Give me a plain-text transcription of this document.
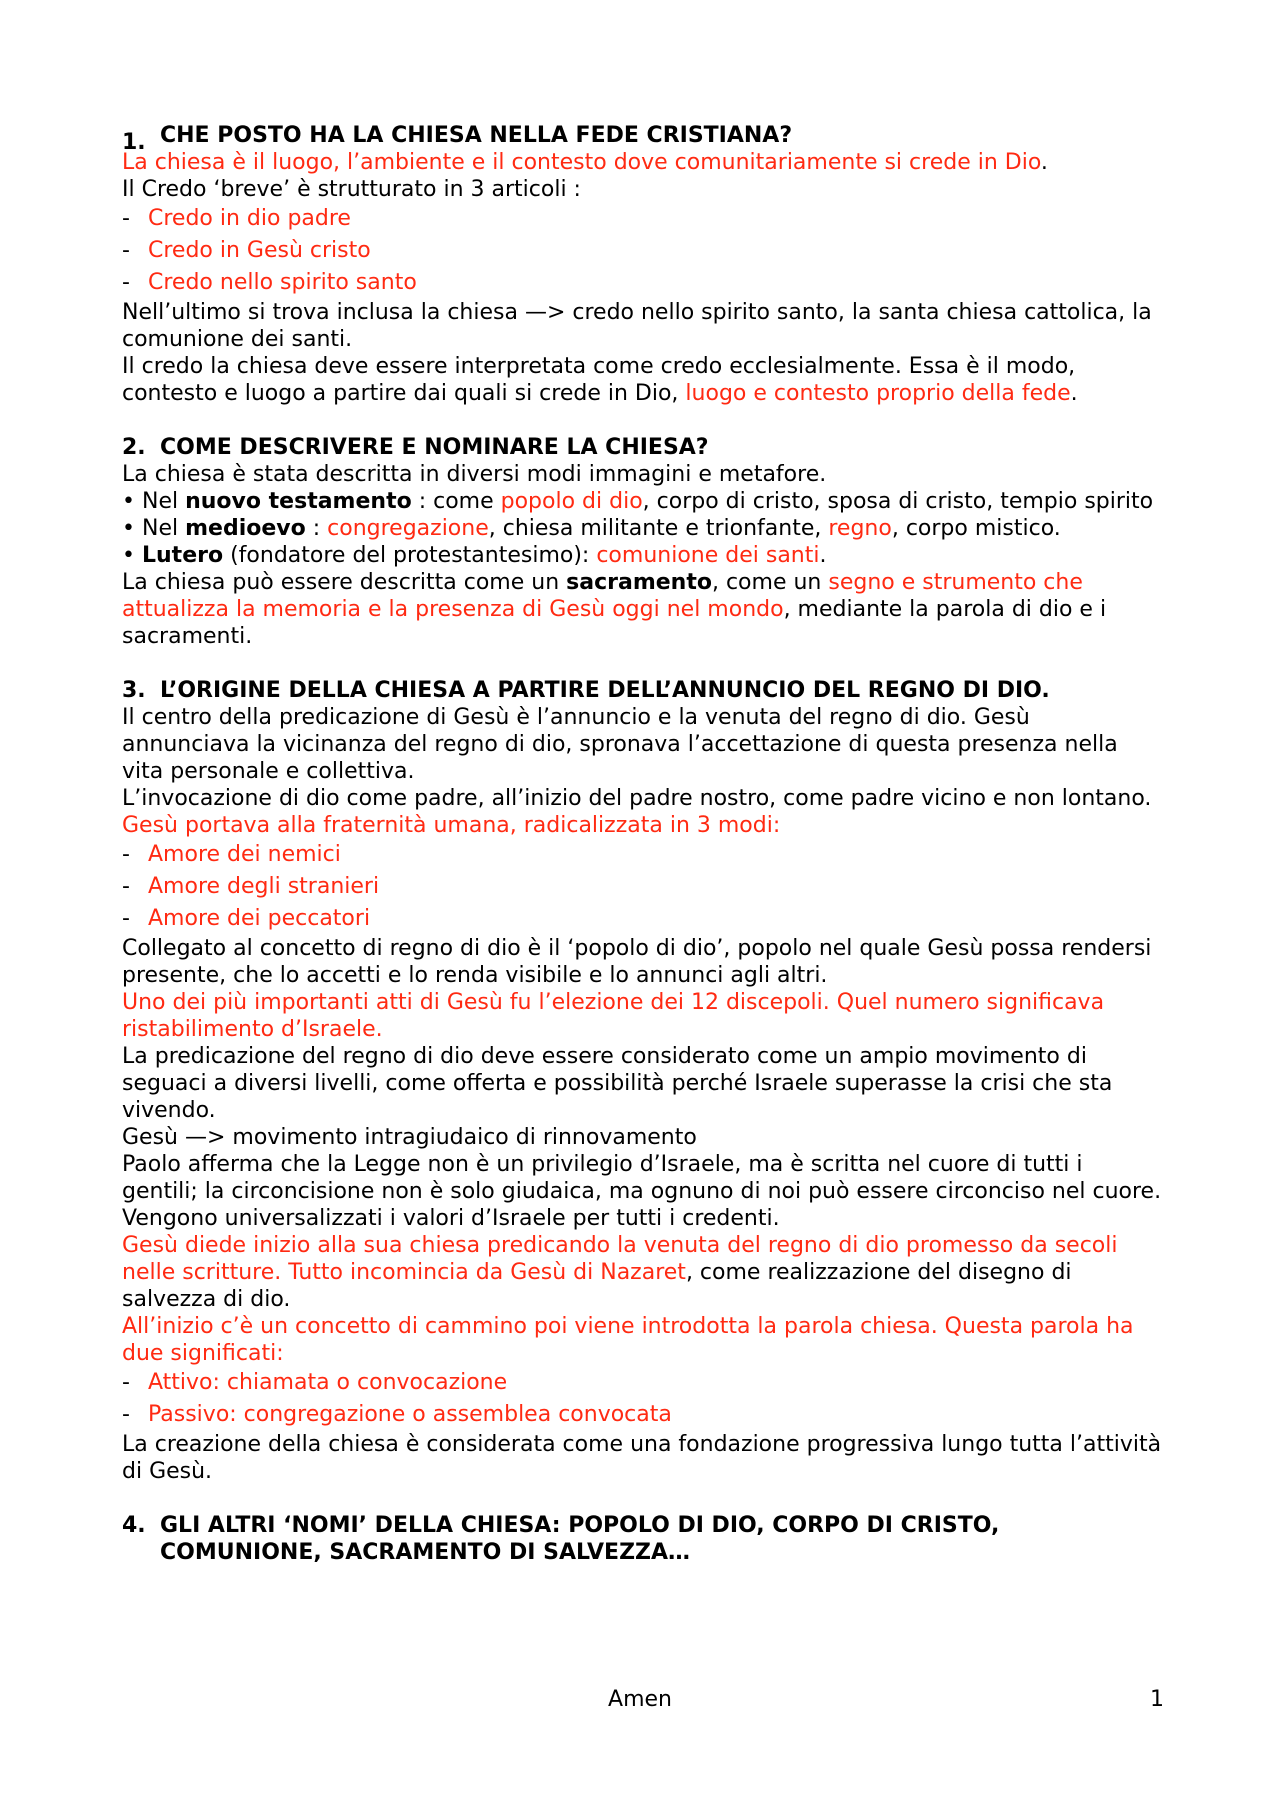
1. CHE POSTO HA LA CHIESA NELLA FEDE CRISTIANA?

La chiesa è il luogo, l’ambiente e il contesto dove comunitariamente si crede in Dio.

Il Credo ‘breve’ è strutturato in 3 articoli :

- Credo in dio padre
- Credo in Gesù cristo
- Credo nello spirito santo

Nell’ultimo si trova inclusa la chiesa —> credo nello spirito santo, la santa chiesa cattolica, la comunione dei santi.

Il credo la chiesa deve essere interpretata come credo ecclesialmente. Essa è il modo, contesto e luogo a partire dai quali si crede in Dio, luogo e contesto proprio della fede.

2. COME DESCRIVERE E NOMINARE LA CHIESA?

La chiesa è stata descritta in diversi modi immagini e metafore.

• Nel nuovo testamento : come popolo di dio, corpo di cristo, sposa di cristo, tempio spirito
• Nel medioevo : congregazione, chiesa militante e trionfante, regno, corpo mistico.
• Lutero (fondatore del protestantesimo): comunione dei santi.

La chiesa può essere descritta come un sacramento, come un segno e strumento che attualizza la memoria e la presenza di Gesù oggi nel mondo, mediante la parola di dio e i sacramenti.

3. L’ORIGINE DELLA CHIESA A PARTIRE DELL’ANNUNCIO DEL REGNO DI DIO.

Il centro della predicazione di Gesù è l’annuncio e la venuta del regno di dio. Gesù annunciava la vicinanza del regno di dio, spronava l’accettazione di questa presenza nella vita personale e collettiva.

L’invocazione di dio come padre, all’inizio del padre nostro, come padre vicino e non lontano.

Gesù portava alla fraternità umana, radicalizzata in 3 modi:

- Amore dei nemici
- Amore degli stranieri
- Amore dei peccatori

Collegato al concetto di regno di dio è il ‘popolo di dio’, popolo nel quale Gesù possa rendersi presente, che lo accetti e lo renda visibile e lo annunci agli altri.

Uno dei più importanti atti di Gesù fu l’elezione dei 12 discepoli. Quel numero significava ristabilimento d’Israele.

La predicazione del regno di dio deve essere considerato come un ampio movimento di seguaci a diversi livelli, come offerta e possibilità perché Israele superasse la crisi che sta vivendo.

Gesù —> movimento intragiudaico di rinnovamento

Paolo afferma che la Legge non è un privilegio d’Israele, ma è scritta nel cuore di tutti i gentili; la circoncisione non è solo giudaica, ma ognuno di noi può essere circonciso nel cuore.

Vengono universalizzati i valori d’Israele per tutti i credenti.

Gesù diede inizio alla sua chiesa predicando la venuta del regno di dio promesso da secoli nelle scritture. Tutto incomincia da Gesù di Nazaret, come realizzazione del disegno di salvezza di dio.

All’inizio c’è un concetto di cammino poi viene introdotta la parola chiesa. Questa parola ha due significati:

- Attivo: chiamata o convocazione
- Passivo: congregazione o assemblea convocata

La creazione della chiesa è considerata come una fondazione progressiva lungo tutta l’attività di Gesù.

4. GLI ALTRI ‘NOMI’ DELLA CHIESA: POPOLO DI DIO, CORPO DI CRISTO, COMUNIONE, SACRAMENTO DI SALVEZZA…
Amen	1
